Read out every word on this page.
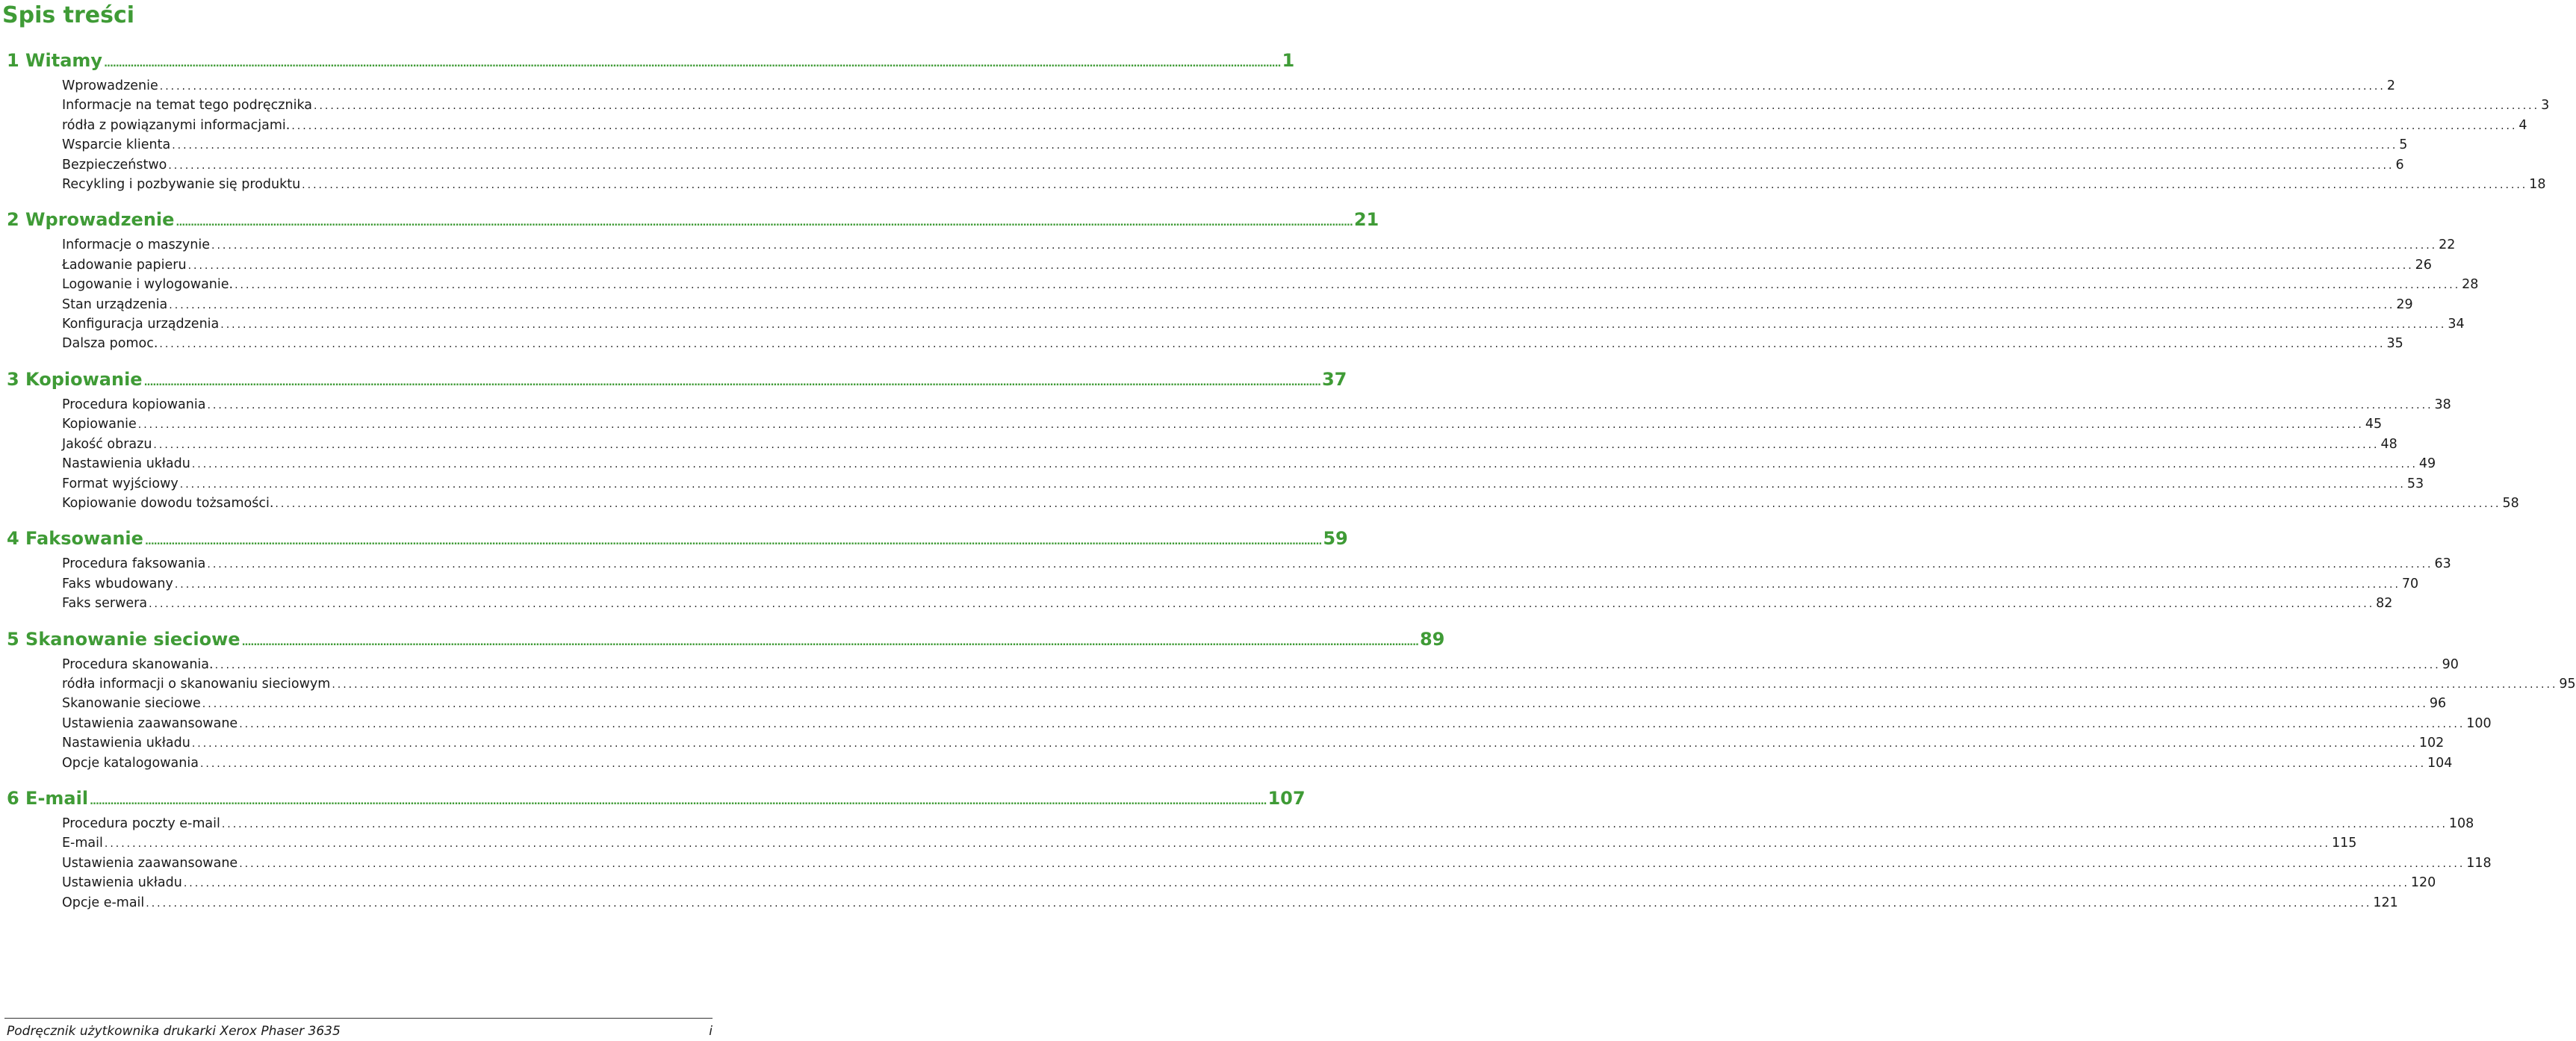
Spis treści
1 Witamy ................................................................................................................................................................................................................................................................................................................................................................................................................ 1
Wprowadzenie ................................................................................................................................................................................................................................................................................................................................................................................................................ 2
Informacje na temat tego podręcznika ................................................................................................................................................................................................................................................................................................................................................................................................................ 3
ródła z powiązanymi informacjami. ................................................................................................................................................................................................................................................................................................................................................................................................................ 4
Wsparcie klienta ................................................................................................................................................................................................................................................................................................................................................................................................................ 5
Bezpieczeństwo ................................................................................................................................................................................................................................................................................................................................................................................................................ 6
Recykling i pozbywanie się produktu ................................................................................................................................................................................................................................................................................................................................................................................................................ 18
2 Wprowadzenie ................................................................................................................................................................................................................................................................................................................................................................................................................ 21
Informacje o maszynie ................................................................................................................................................................................................................................................................................................................................................................................................................ 22
Ładowanie papieru ................................................................................................................................................................................................................................................................................................................................................................................................................ 26
Logowanie i wylogowanie. ................................................................................................................................................................................................................................................................................................................................................................................................................ 28
Stan urządzenia ................................................................................................................................................................................................................................................................................................................................................................................................................ 29
Konfiguracja urządzenia ................................................................................................................................................................................................................................................................................................................................................................................................................ 34
Dalsza pomoc. ................................................................................................................................................................................................................................................................................................................................................................................................................ 35
3 Kopiowanie ................................................................................................................................................................................................................................................................................................................................................................................................................ 37
Procedura kopiowania ................................................................................................................................................................................................................................................................................................................................................................................................................ 38
Kopiowanie ................................................................................................................................................................................................................................................................................................................................................................................................................ 45
Jakość obrazu ................................................................................................................................................................................................................................................................................................................................................................................................................ 48
Nastawienia układu ................................................................................................................................................................................................................................................................................................................................................................................................................ 49
Format wyjściowy ................................................................................................................................................................................................................................................................................................................................................................................................................ 53
Kopiowanie dowodu tożsamości. ................................................................................................................................................................................................................................................................................................................................................................................................................ 58
4 Faksowanie ................................................................................................................................................................................................................................................................................................................................................................................................................ 59
Procedura faksowania ................................................................................................................................................................................................................................................................................................................................................................................................................ 63
Faks wbudowany ................................................................................................................................................................................................................................................................................................................................................................................................................ 70
Faks serwera ................................................................................................................................................................................................................................................................................................................................................................................................................ 82
5 Skanowanie sieciowe ................................................................................................................................................................................................................................................................................................................................................................................................................ 89
Procedura skanowania. ................................................................................................................................................................................................................................................................................................................................................................................................................ 90
ródła informacji o skanowaniu sieciowym ................................................................................................................................................................................................................................................................................................................................................................................................................ 95
Skanowanie sieciowe ................................................................................................................................................................................................................................................................................................................................................................................................................ 96
Ustawienia zaawansowane ................................................................................................................................................................................................................................................................................................................................................................................................................ 100
Nastawienia układu ................................................................................................................................................................................................................................................................................................................................................................................................................ 102
Opcje katalogowania ................................................................................................................................................................................................................................................................................................................................................................................................................ 104
6 E-mail ................................................................................................................................................................................................................................................................................................................................................................................................................ 107
Procedura poczty e-mail ................................................................................................................................................................................................................................................................................................................................................................................................................ 108
E-mail ................................................................................................................................................................................................................................................................................................................................................................................................................ 115
Ustawienia zaawansowane ................................................................................................................................................................................................................................................................................................................................................................................................................ 118
Ustawienia układu ................................................................................................................................................................................................................................................................................................................................................................................................................ 120
Opcje e-mail ................................................................................................................................................................................................................................................................................................................................................................................................................ 121
Podręcznik użytkownika drukarki Xerox Phaser 3635	i
